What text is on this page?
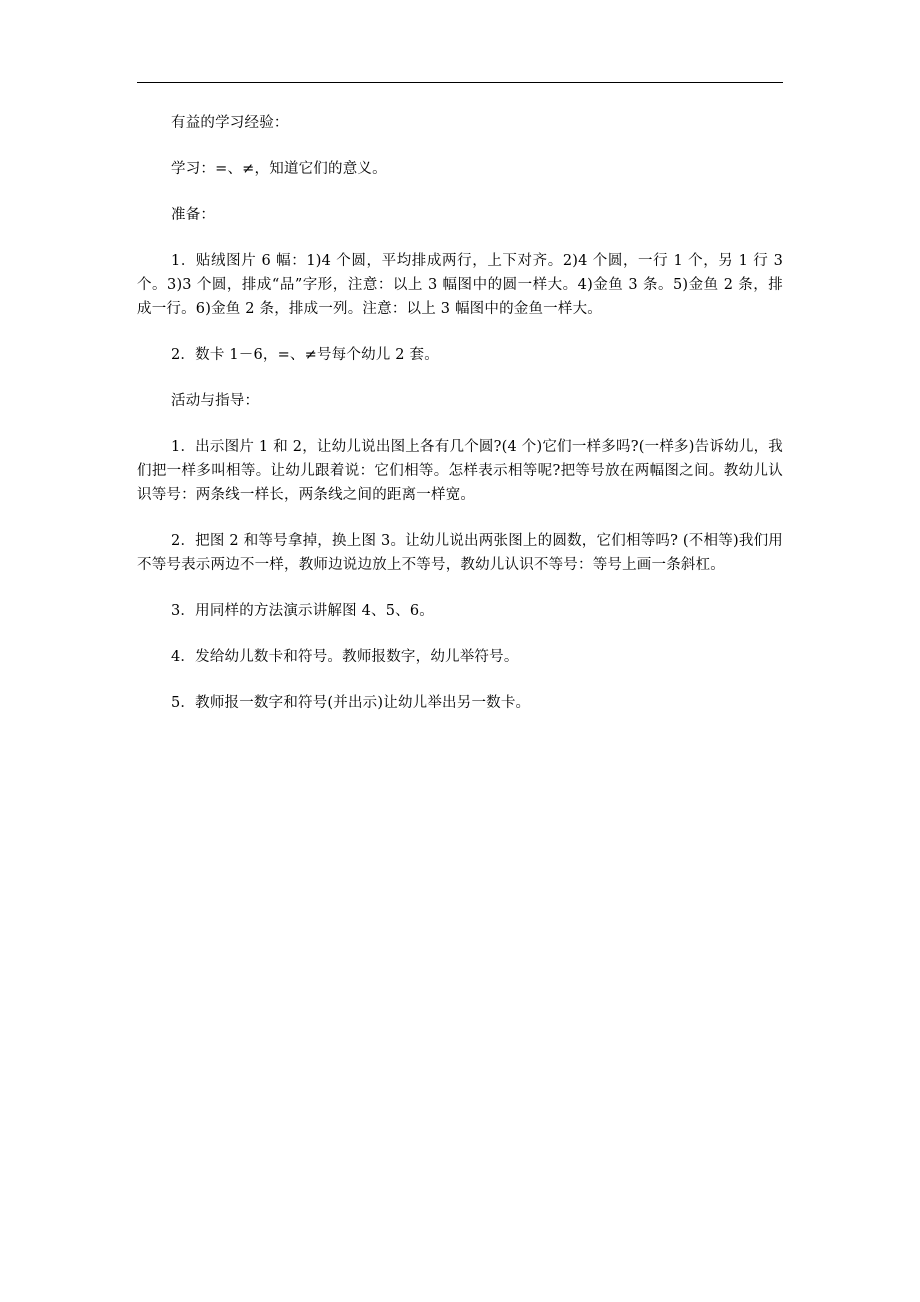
有益的学习经验：

学习：=、≠，知道它们的意义。

准备：

1．贴绒图片 6 幅：1)4 个圆，平均排成两行，上下对齐。2)4 个圆，一行 1 个，另 1 行 3 个。3)3 个圆，排成“品”字形，注意：以上 3 幅图中的圆一样大。4)金鱼 3 条。5)金鱼 2 条，排成一行。6)金鱼 2 条，排成一列。注意：以上 3 幅图中的金鱼一样大。

2．数卡 1－6，=、≠号每个幼儿 2 套。

活动与指导：

1．出示图片 1 和 2，让幼儿说出图上各有几个圆?(4 个)它们一样多吗?(一样多)告诉幼儿，我们把一样多叫相等。让幼儿跟着说：它们相等。怎样表示相等呢?把等号放在两幅图之间。教幼儿认识等号：两条线一样长，两条线之间的距离一样宽。

2．把图 2 和等号拿掉，换上图 3。让幼儿说出两张图上的圆数，它们相等吗? (不相等)我们用不等号表示两边不一样，教师边说边放上不等号，教幼儿认识不等号：等号上画一条斜杠。

3．用同样的方法演示讲解图 4、5、6。

4．发给幼儿数卡和符号。教师报数字，幼儿举符号。

5．教师报一数字和符号(并出示)让幼儿举出另一数卡。
